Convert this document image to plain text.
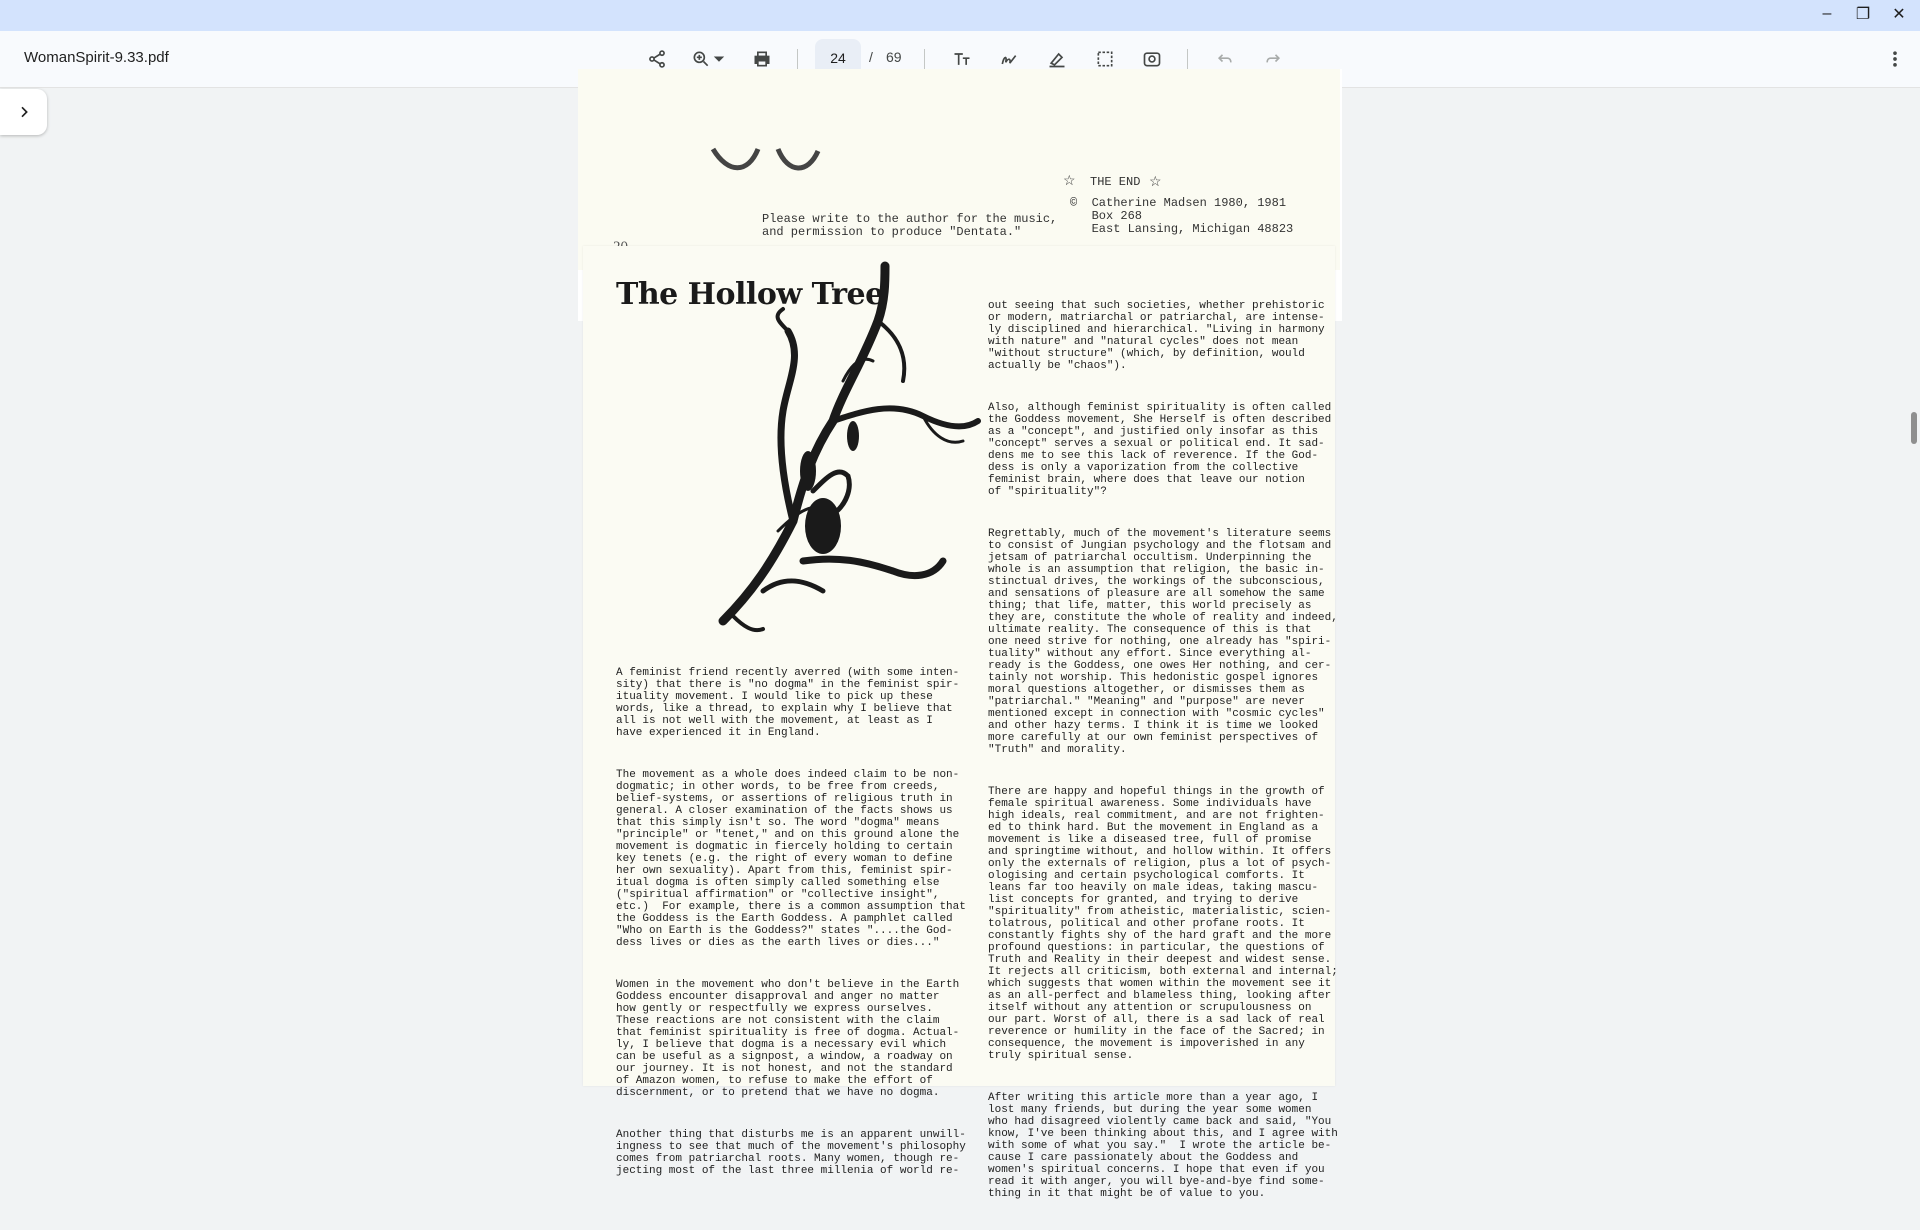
– ❐ ✕
WomanSpirit-9.33.pdf	24	/ 69
☆ THE END ☆
©  Catherine Madsen 1980, 1981
Box 268
East Lansing, Michigan 48823
Please write to the author for the music,
and permission to produce "Dentata."
The Hollow Tree

A feminist friend recently averred (with some inten-
sity) that there is "no dogma" in the feminist spir-
ituality movement. I would like to pick up these
words, like a thread, to explain why I believe that
all is not well with the movement, at least as I
have experienced it in England.

The movement as a whole does indeed claim to be non-
dogmatic; in other words, to be free from creeds,
belief-systems, or assertions of religious truth in
general. A closer examination of the facts shows us
that this simply isn't so. The word "dogma" means
"principle" or "tenet," and on this ground alone the
movement is dogmatic in fiercely holding to certain
key tenets (e.g. the right of every woman to define
her own sexuality). Apart from this, feminist spir-
itual dogma is often simply called something else
("spiritual affirmation" or "collective insight",
etc.)  For example, there is a common assumption that
the Goddess is the Earth Goddess. A pamphlet called
"Who on Earth is the Goddess?" states "....the God-
dess lives or dies as the earth lives or dies..."

Women in the movement who don't believe in the Earth
Goddess encounter disapproval and anger no matter
how gently or respectfully we express ourselves.
These reactions are not consistent with the claim
that feminist spirituality is free of dogma. Actual-
ly, I believe that dogma is a necessary evil which
can be useful as a signpost, a window, a roadway on
our journey. It is not honest, and not the standard
of Amazon women, to refuse to make the effort of
discernment, or to pretend that we have no dogma.

Another thing that disturbs me is an apparent unwill-
ingness to see that much of the movement's philosophy
comes from patriarchal roots. Many women, though re-
jecting most of the last three millenia of world re-

out seeing that such societies, whether prehistoric
or modern, matriarchal or patriarchal, are intense-
ly disciplined and hierarchical. "Living in harmony
with nature" and "natural cycles" does not mean
"without structure" (which, by definition, would
actually be "chaos").

Also, although feminist spirituality is often called
the Goddess movement, She Herself is often described
as a "concept", and justified only insofar as this
"concept" serves a sexual or political end. It sad-
dens me to see this lack of reverence. If the God-
dess is only a vaporization from the collective
feminist brain, where does that leave our notion
of "spirituality"?

Regrettably, much of the movement's literature seems
to consist of Jungian psychology and the flotsam and
jetsam of patriarchal occultism. Underpinning the
whole is an assumption that religion, the basic in-
stinctual drives, the workings of the subconscious,
and sensations of pleasure are all somehow the same
thing; that life, matter, this world precisely as
they are, constitute the whole of reality and indeed,
ultimate reality. The consequence of this is that
one need strive for nothing, one already has "spiri-
tuality" without any effort. Since everything al-
ready is the Goddess, one owes Her nothing, and cer-
tainly not worship. This hedonistic gospel ignores
moral questions altogether, or dismisses them as
"patriarchal." "Meaning" and "purpose" are never
mentioned except in connection with "cosmic cycles"
and other hazy terms. I think it is time we looked
more carefully at our own feminist perspectives of
"Truth" and morality.

There are happy and hopeful things in the growth of
female spiritual awareness. Some individuals have
high ideals, real commitment, and are not frighten-
ed to think hard. But the movement in England as a
movement is like a diseased tree, full of promise
and springtime without, and hollow within. It offers
only the externals of religion, plus a lot of psych-
ologising and certain psychological comforts. It
leans far too heavily on male ideas, taking mascu-
list concepts for granted, and trying to derive
"spirituality" from atheistic, materialistic, scien-
tolatrous, political and other profane roots. It
constantly fights shy of the hard graft and the more
profound questions: in particular, the questions of
Truth and Reality in their deepest and widest sense.
It rejects all criticism, both external and internal;
which suggests that women within the movement see it
as an all-perfect and blameless thing, looking after
itself without any attention or scrupulousness on
our part. Worst of all, there is a sad lack of real
reverence or humility in the face of the Sacred; in
consequence, the movement is impoverished in any
truly spiritual sense.

After writing this article more than a year ago, I
lost many friends, but during the year some women
who had disagreed violently came back and said, "You
know, I've been thinking about this, and I agree with
with some of what you say."  I wrote the article be-
cause I care passionately about the Goddess and
women's spiritual concerns. I hope that even if you
read it with anger, you will bye-and-bye find some-
thing in it that might be of value to you.
